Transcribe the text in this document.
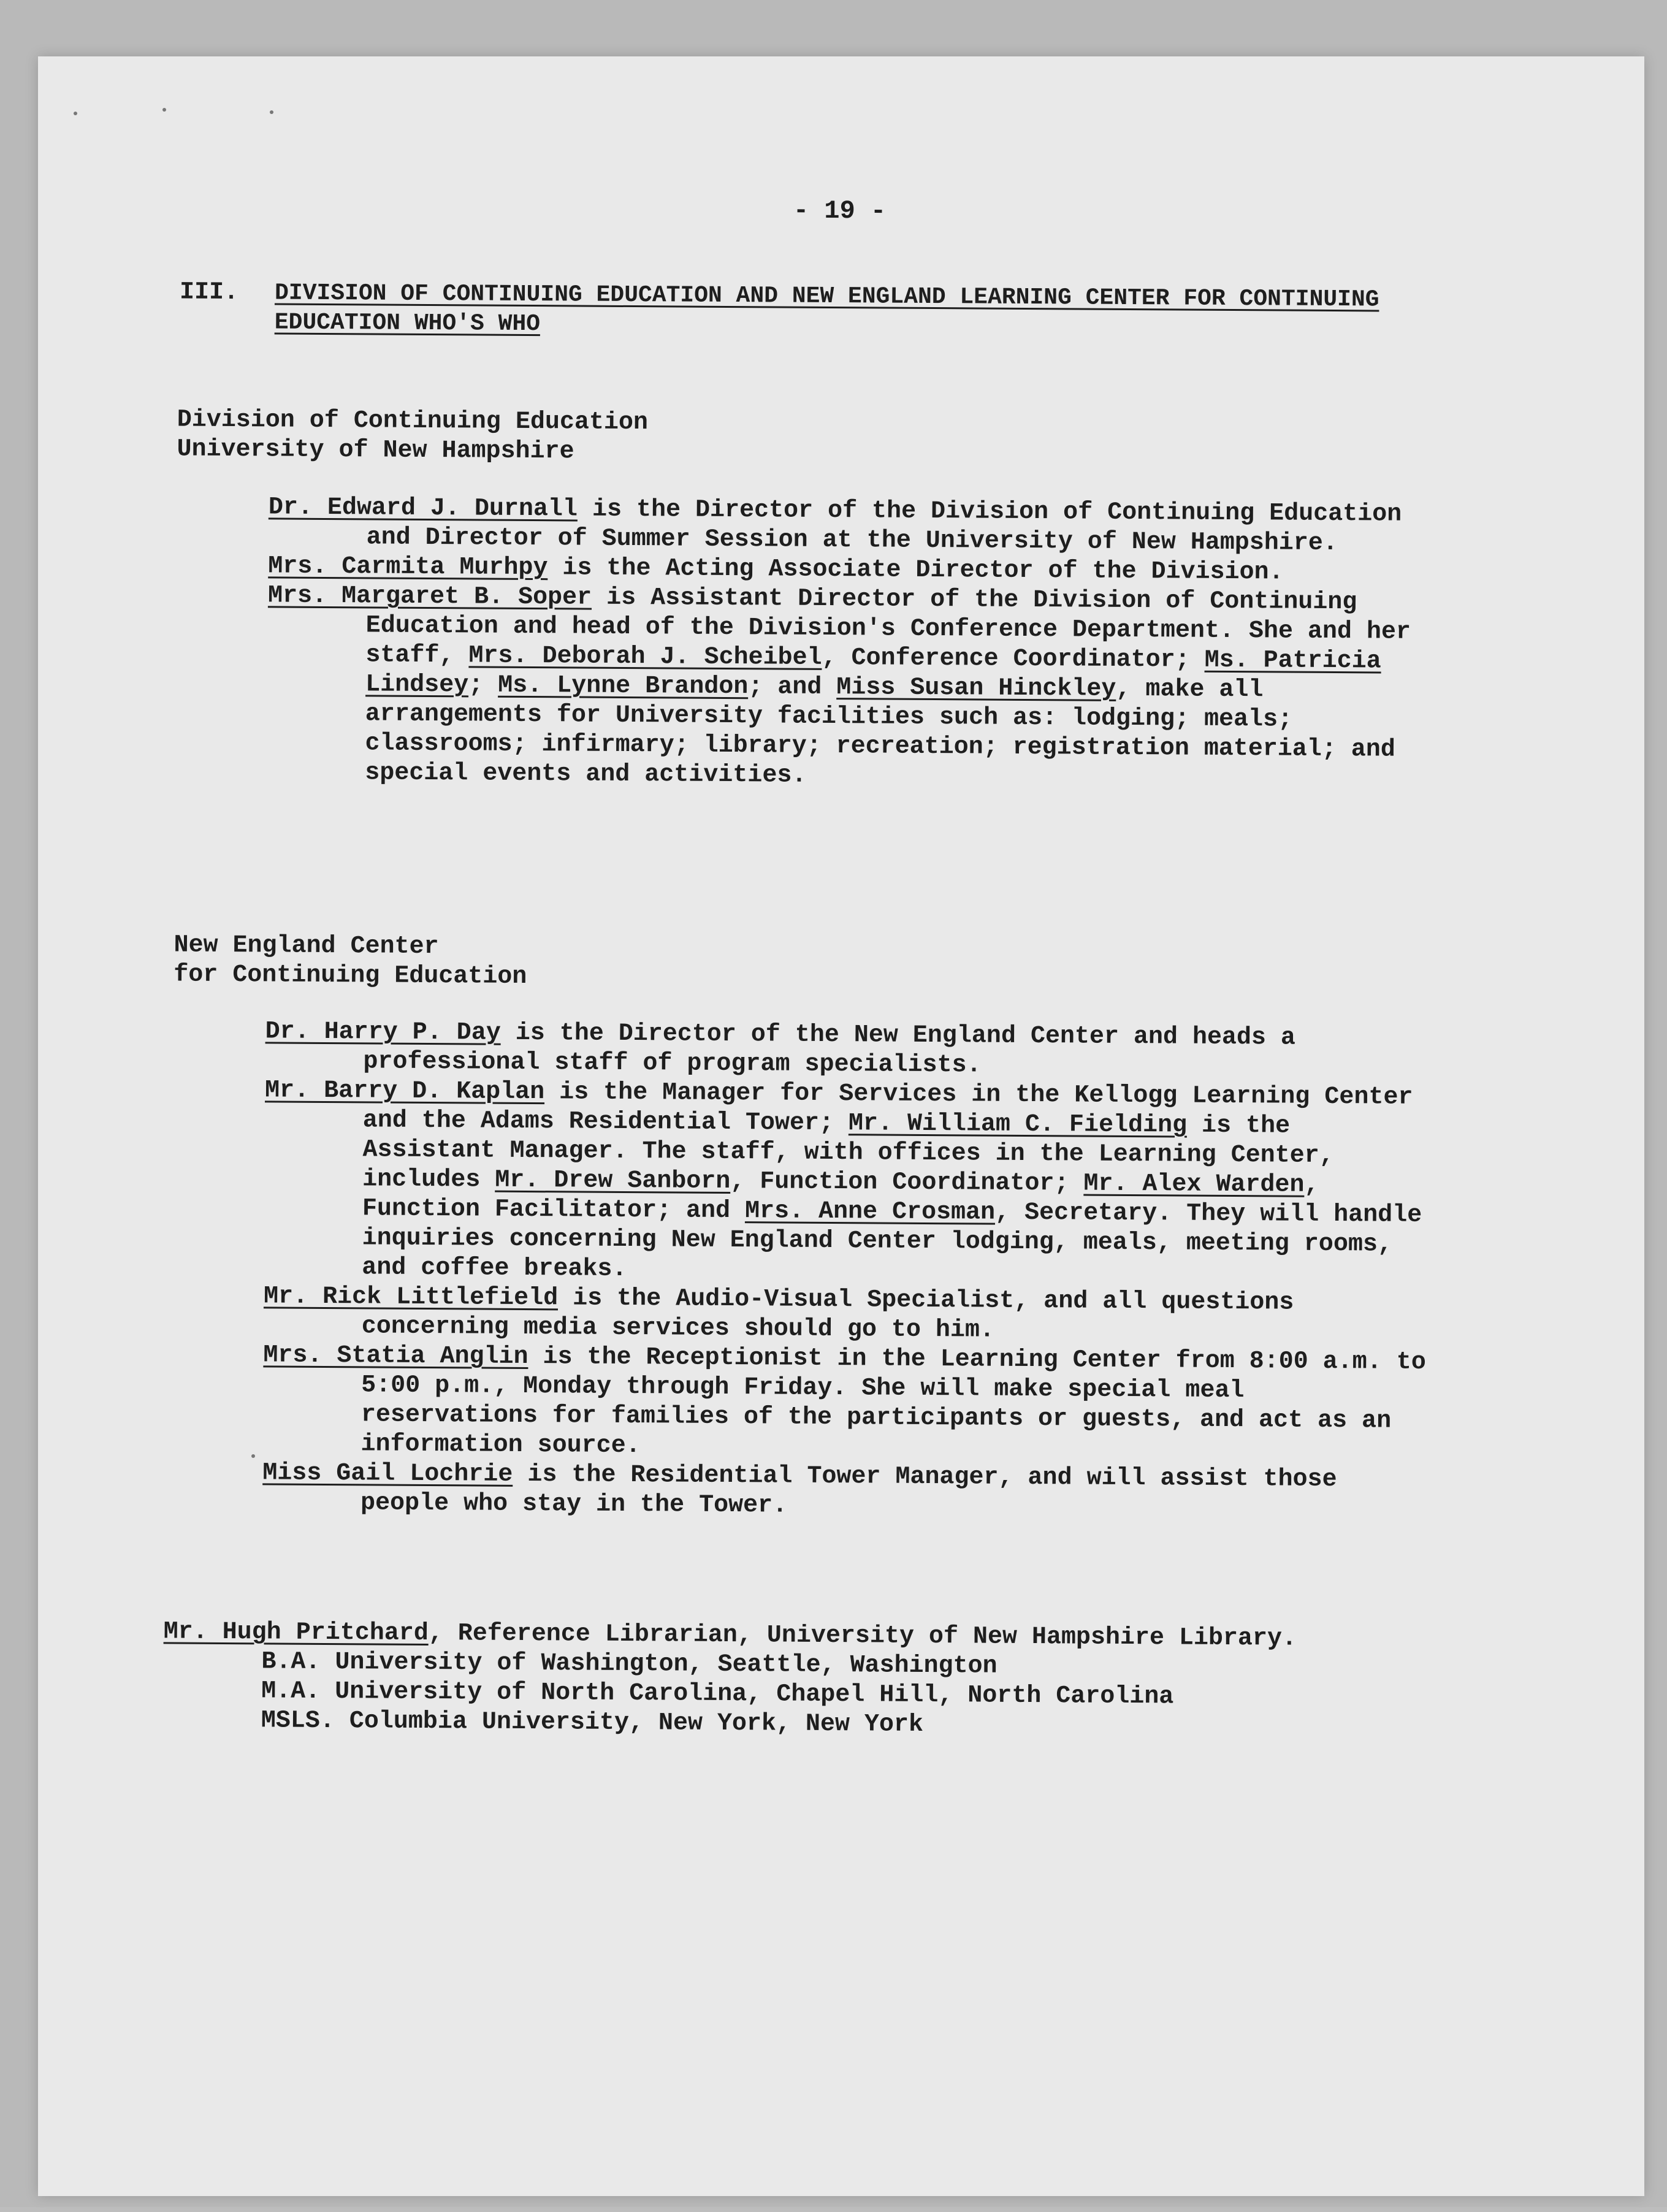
- 19 -
III. DIVISION OF CONTINUING EDUCATION AND NEW ENGLAND LEARNING CENTER FOR CONTINUING EDUCATION WHO'S WHO
Division of Continuing Education
University of New Hampshire

Dr. Edward J. Durnall is the Director of the Division of Continuing Education and Director of Summer Session at the University of New Hampshire.

Mrs. Carmita Murhpy is the Acting Associate Director of the Division.

Mrs. Margaret B. Soper is Assistant Director of the Division of Continuing Education and head of the Division's Conference Department. She and her staff, Mrs. Deborah J. Scheibel, Conference Coordinator; Ms. Patricia Lindsey; Ms. Lynne Brandon; and Miss Susan Hinckley, make all arrangements for University facilities such as: lodging; meals; classrooms; infirmary; library; recreation; registration material; and special events and activities.

New England Center
for Continuing Education

Dr. Harry P. Day is the Director of the New England Center and heads a professional staff of program specialists.

Mr. Barry D. Kaplan is the Manager for Services in the Kellogg Learning Center and the Adams Residential Tower; Mr. William C. Fielding is the Assistant Manager. The staff, with offices in the Learning Center, includes Mr. Drew Sanborn, Function Coordinator; Mr. Alex Warden, Function Facilitator; and Mrs. Anne Crosman, Secretary. They will handle inquiries concerning New England Center lodging, meals, meeting rooms, and coffee breaks.

Mr. Rick Littlefield is the Audio-Visual Specialist, and all questions concerning media services should go to him.

Mrs. Statia Anglin is the Receptionist in the Learning Center from 8:00 a.m. to 5:00 p.m., Monday through Friday. She will make special meal reservations for families of the participants or guests, and act as an information source.

Miss Gail Lochrie is the Residential Tower Manager, and will assist those people who stay in the Tower.

Mr. Hugh Pritchard, Reference Librarian, University of New Hampshire Library.
B.A. University of Washington, Seattle, Washington
M.A. University of North Carolina, Chapel Hill, North Carolina
MSLS. Columbia University, New York, New York
